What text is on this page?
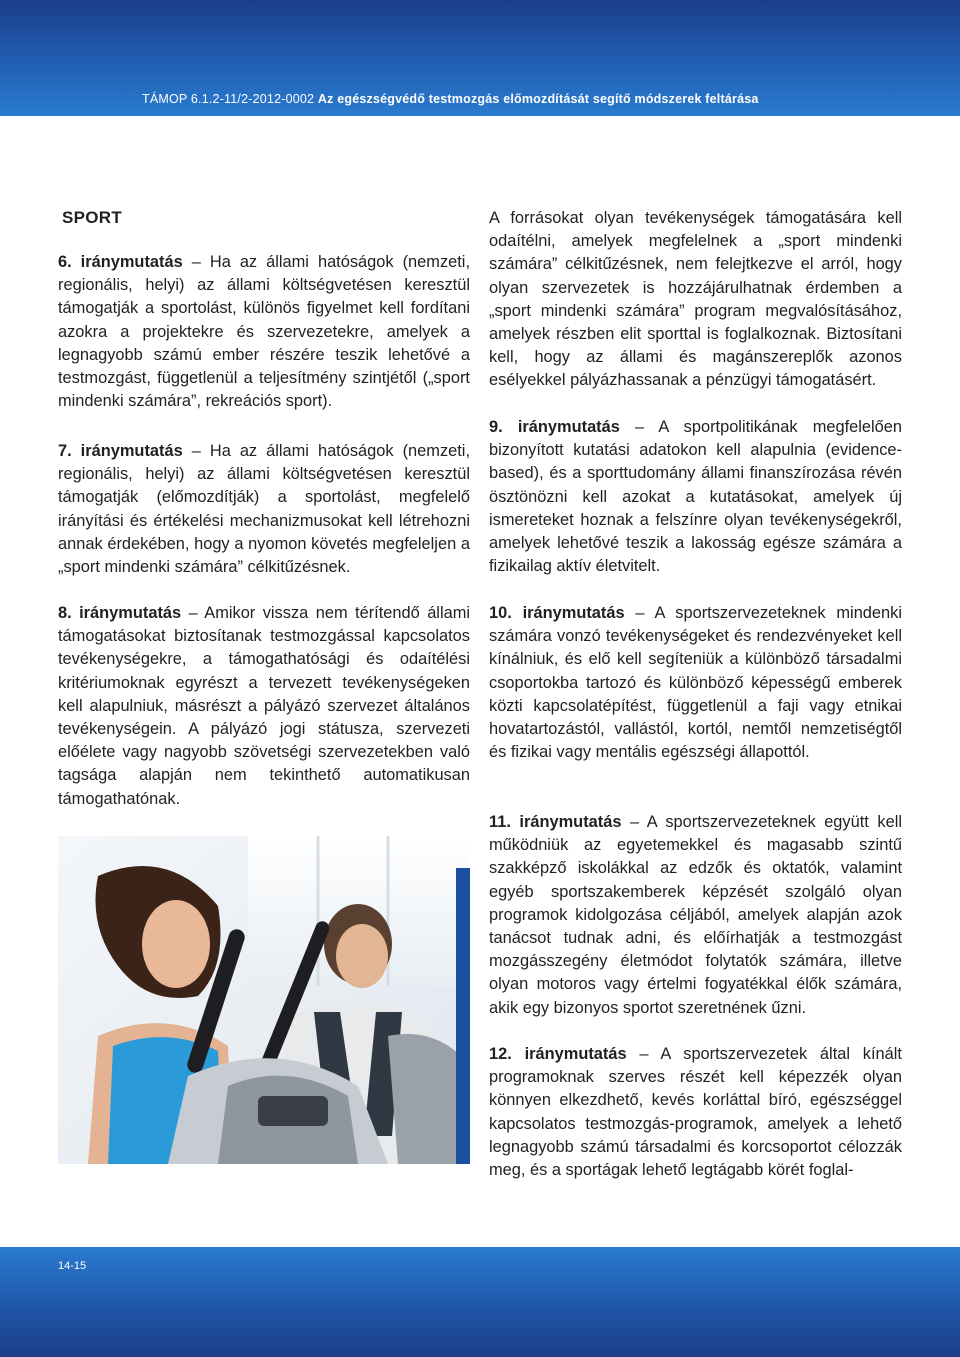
TÁMOP 6.1.2-11/2-2012-0002 Az egészségvédő testmozgás előmozdítását segítő módszerek feltárása
SPORT

6. iránymutatás – Ha az állami hatóságok (nemzeti, regionális, helyi) az állami költségvetésen keresztül támogatják a sportolást, különös figyelmet kell fordítani azokra a projektekre és szervezetekre, amelyek a legnagyobb számú ember részére teszik lehetővé a testmozgást, függetlenül a teljesítmény szintjétől („sport mindenki számára”, rekreációs sport).

7. iránymutatás – Ha az állami hatóságok (nemzeti, regionális, helyi) az állami költségvetésen keresztül támogatják (előmozdítják) a sportolást, megfelelő irányítási és értékelési mechanizmusokat kell létrehozni annak érdekében, hogy a nyomon követés megfeleljen a „sport mindenki számára” célkitűzésnek.

8. iránymutatás – Amikor vissza nem térítendő állami támogatásokat biztosítanak testmozgással kapcsolatos tevékenységekre, a támogathatósági és odaítélési kritériumoknak egyrészt a tervezett tevékenységeken kell alapulniuk, másrészt a pályázó szervezet általános tevékenységein. A pályázó jogi státusza, szervezeti előélete vagy nagyobb szövetségi szervezetekben való tagsága alapján nem tekinthető automatikusan támogathatónak.

A forrásokat olyan tevékenységek támogatására kell odaítélni, amelyek megfelelnek a „sport mindenki számára” célkitűzésnek, nem felejtkezve el arról, hogy olyan szervezetek is hozzájárulhatnak érdemben a „sport mindenki számára” program megvalósításához, amelyek részben elit sporttal is foglalkoznak. Biztosítani kell, hogy az állami és magánszereplők azonos esélyekkel pályázhassanak a pénzügyi támogatásért.

9. iránymutatás – A sportpolitikának megfelelően bizonyított kutatási adatokon kell alapulnia (evidence-based), és a sporttudomány állami finanszírozása révén ösztönözni kell azokat a kutatásokat, amelyek új ismereteket hoznak a felszínre olyan tevékenységekről, amelyek lehetővé teszik a lakosság egésze számára a fizikailag aktív életvitelt.

10. iránymutatás – A sportszervezeteknek mindenki számára vonzó tevékenységeket és rendezvényeket kell kínálniuk, és elő kell segíteniük a különböző társadalmi csoportokba tartozó és különböző képességű emberek közti kapcsolatépítést, függetlenül a faji vagy etnikai hovatartozástól, vallástól, kortól, nemtől nemzetiségtől és fizikai vagy mentális egészségi állapottól.

11. iránymutatás – A sportszervezeteknek együtt kell működniük az egyetemekkel és magasabb szintű szakképző iskolákkal az edzők és oktatók, valamint egyéb sportszakemberek képzését szolgáló olyan programok kidolgozása céljából, amelyek alapján azok tanácsot tudnak adni, és előírhatják a testmozgást mozgásszegény életmódot folytatók számára, illetve olyan motoros vagy értelmi fogyatékkal élők számára, akik egy bizonyos sportot szeretnének űzni.

12. iránymutatás – A sportszervezetek által kínált programoknak szerves részét kell képezzék olyan könnyen elkezdhető, kevés korláttal bíró, egészséggel kapcsolatos testmozgás-programok, amelyek a lehető legnagyobb számú társadalmi és korcsoportot célozzák meg, és a sportágak lehető legtágabb körét foglal-

14-15
